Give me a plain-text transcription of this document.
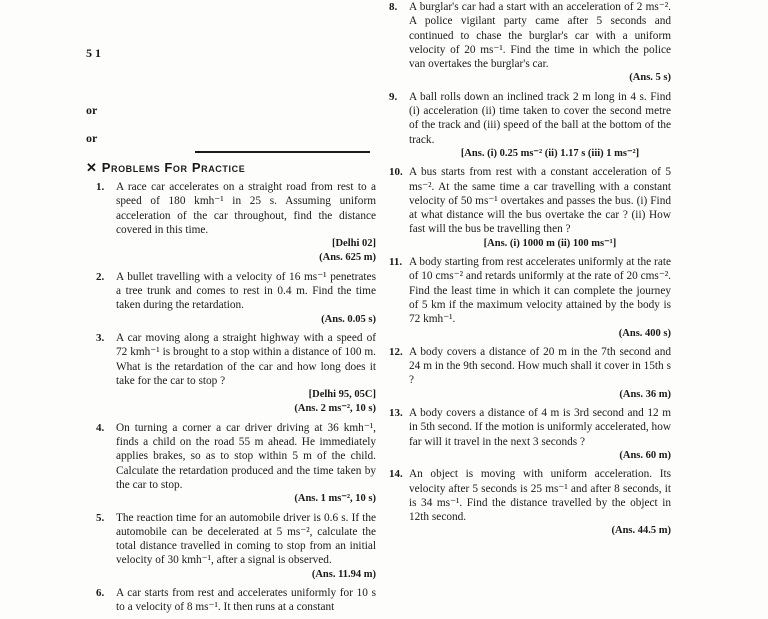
5 1
or
or
✕ Problems For Practice
1. A race car accelerates on a straight road from rest to a speed of 180 kmh⁻¹ in 25 s. Assuming uniform acceleration of the car throughout, find the distance covered in this time.
[Delhi 02]
(Ans. 625 m)
2. A bullet travelling with a velocity of 16 ms⁻¹ penetrates a tree trunk and comes to rest in 0.4 m. Find the time taken during the retardation.
(Ans. 0.05 s)
3. A car moving along a straight highway with a speed of 72 kmh⁻¹ is brought to a stop within a distance of 100 m. What is the retardation of the car and how long does it take for the car to stop ?
[Delhi 95, 05C]
(Ans. 2 ms⁻², 10 s)
4. On turning a corner a car driver driving at 36 kmh⁻¹, finds a child on the road 55 m ahead. He immediately applies brakes, so as to stop within 5 m of the child. Calculate the retardation produced and the time taken by the car to stop.
(Ans. 1 ms⁻², 10 s)
5. The reaction time for an automobile driver is 0.6 s. If the automobile can be decelerated at 5 ms⁻², calculate the total distance travelled in coming to stop from an initial velocity of 30 kmh⁻¹, after a signal is observed.
(Ans. 11.94 m)
6. A car starts from rest and accelerates uniformly for 10 s to a velocity of 8 ms⁻¹. It then runs at a constant
8. A burglar's car had a start with an acceleration of 2 ms⁻². A police vigilant party came after 5 seconds and continued to chase the burglar's car with a uniform velocity of 20 ms⁻¹. Find the time in which the police van overtakes the burglar's car.
(Ans. 5 s)
9. A ball rolls down an inclined track 2 m long in 4 s. Find (i) acceleration (ii) time taken to cover the second metre of the track and (iii) speed of the ball at the bottom of the track.
[Ans. (i) 0.25 ms⁻² (ii) 1.17 s (iii) 1 ms⁻²]
10. A bus starts from rest with a constant acceleration of 5 ms⁻². At the same time a car travelling with a constant velocity of 50 ms⁻¹ overtakes and passes the bus. (i) Find at what distance will the bus overtake the car ? (ii) How fast will the bus be travelling then ?
[Ans. (i) 1000 m (ii) 100 ms⁻¹]
11. A body starting from rest accelerates uniformly at the rate of 10 cms⁻² and retards uniformly at the rate of 20 cms⁻². Find the least time in which it can complete the journey of 5 km if the maximum velocity attained by the body is 72 kmh⁻¹.
(Ans. 400 s)
12. A body covers a distance of 20 m in the 7th second and 24 m in the 9th second. How much shall it cover in 15th s ?
(Ans. 36 m)
13. A body covers a distance of 4 m is 3rd second and 12 m in 5th second. If the motion is uniformly accelerated, how far will it travel in the next 3 seconds ?
(Ans. 60 m)
14. An object is moving with uniform acceleration. Its velocity after 5 seconds is 25 ms⁻¹ and after 8 seconds, it is 34 ms⁻¹. Find the distance travelled by the object in 12th second.
(Ans. 44.5 m)
